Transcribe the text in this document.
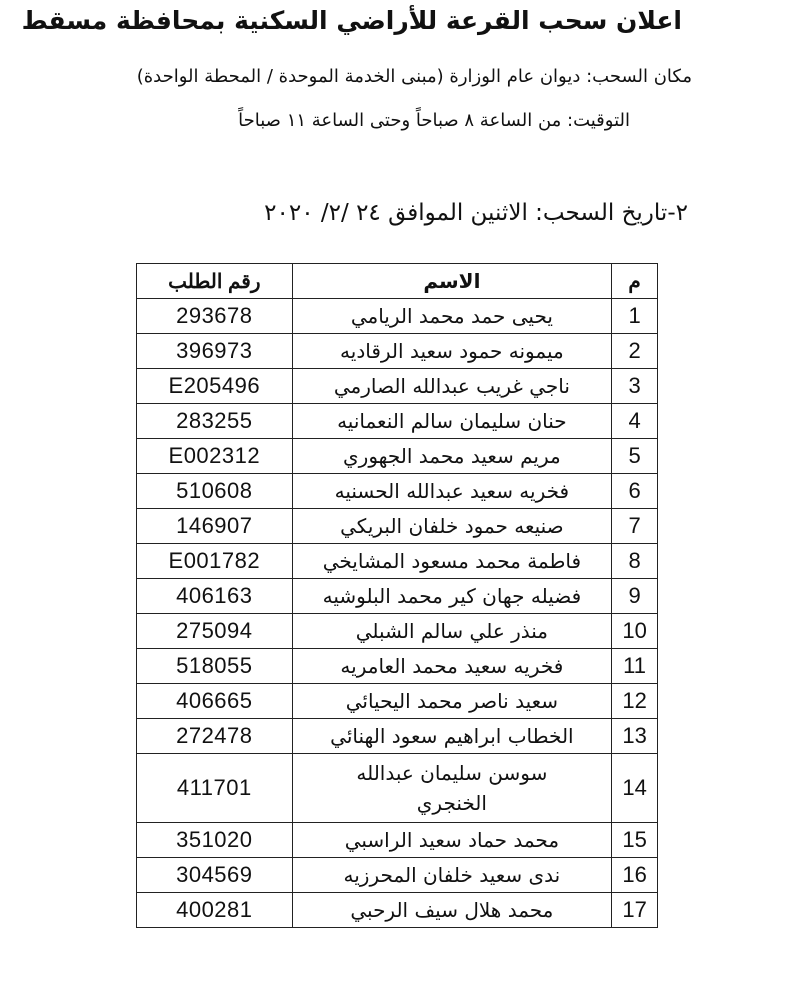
اعلان سحب القرعة للأراضي السكنية بمحافظة مسقط
مكان السحب: ديوان عام الوزارة (مبنى الخدمة الموحدة / المحطة الواحدة)
التوقيت: من الساعة ٨ صباحاً وحتى الساعة ١١ صباحاً
٢-تاريخ السحب: الاثنين الموافق ٢٤ /٢/ ٢٠٢٠
م	الاسم	رقم الطلب
1	يحيى حمد محمد الريامي	293678
2	ميمونه حمود سعيد الرقاديه	396973
3	ناجي غريب عبدالله الصارمي	E205496
4	حنان سليمان سالم النعمانيه	283255
5	مريم سعيد محمد الجهوري	E002312
6	فخريه سعيد عبدالله الحسنيه	510608
7	صنيعه حمود خلفان البريكي	146907
8	فاطمة محمد مسعود المشايخي	E001782
9	فضيله جهان كير محمد البلوشيه	406163
10	منذر علي سالم الشبلي	275094
11	فخريه سعيد محمد العامريه	518055
12	سعيد ناصر محمد اليحيائي	406665
13	الخطاب ابراهيم سعود الهنائي	272478
14	سوسن سليمان عبدالله الخنجري	411701
15	محمد حماد سعيد الراسبي	351020
16	ندى سعيد خلفان المحرزيه	304569
17	محمد هلال سيف الرحبي	400281
